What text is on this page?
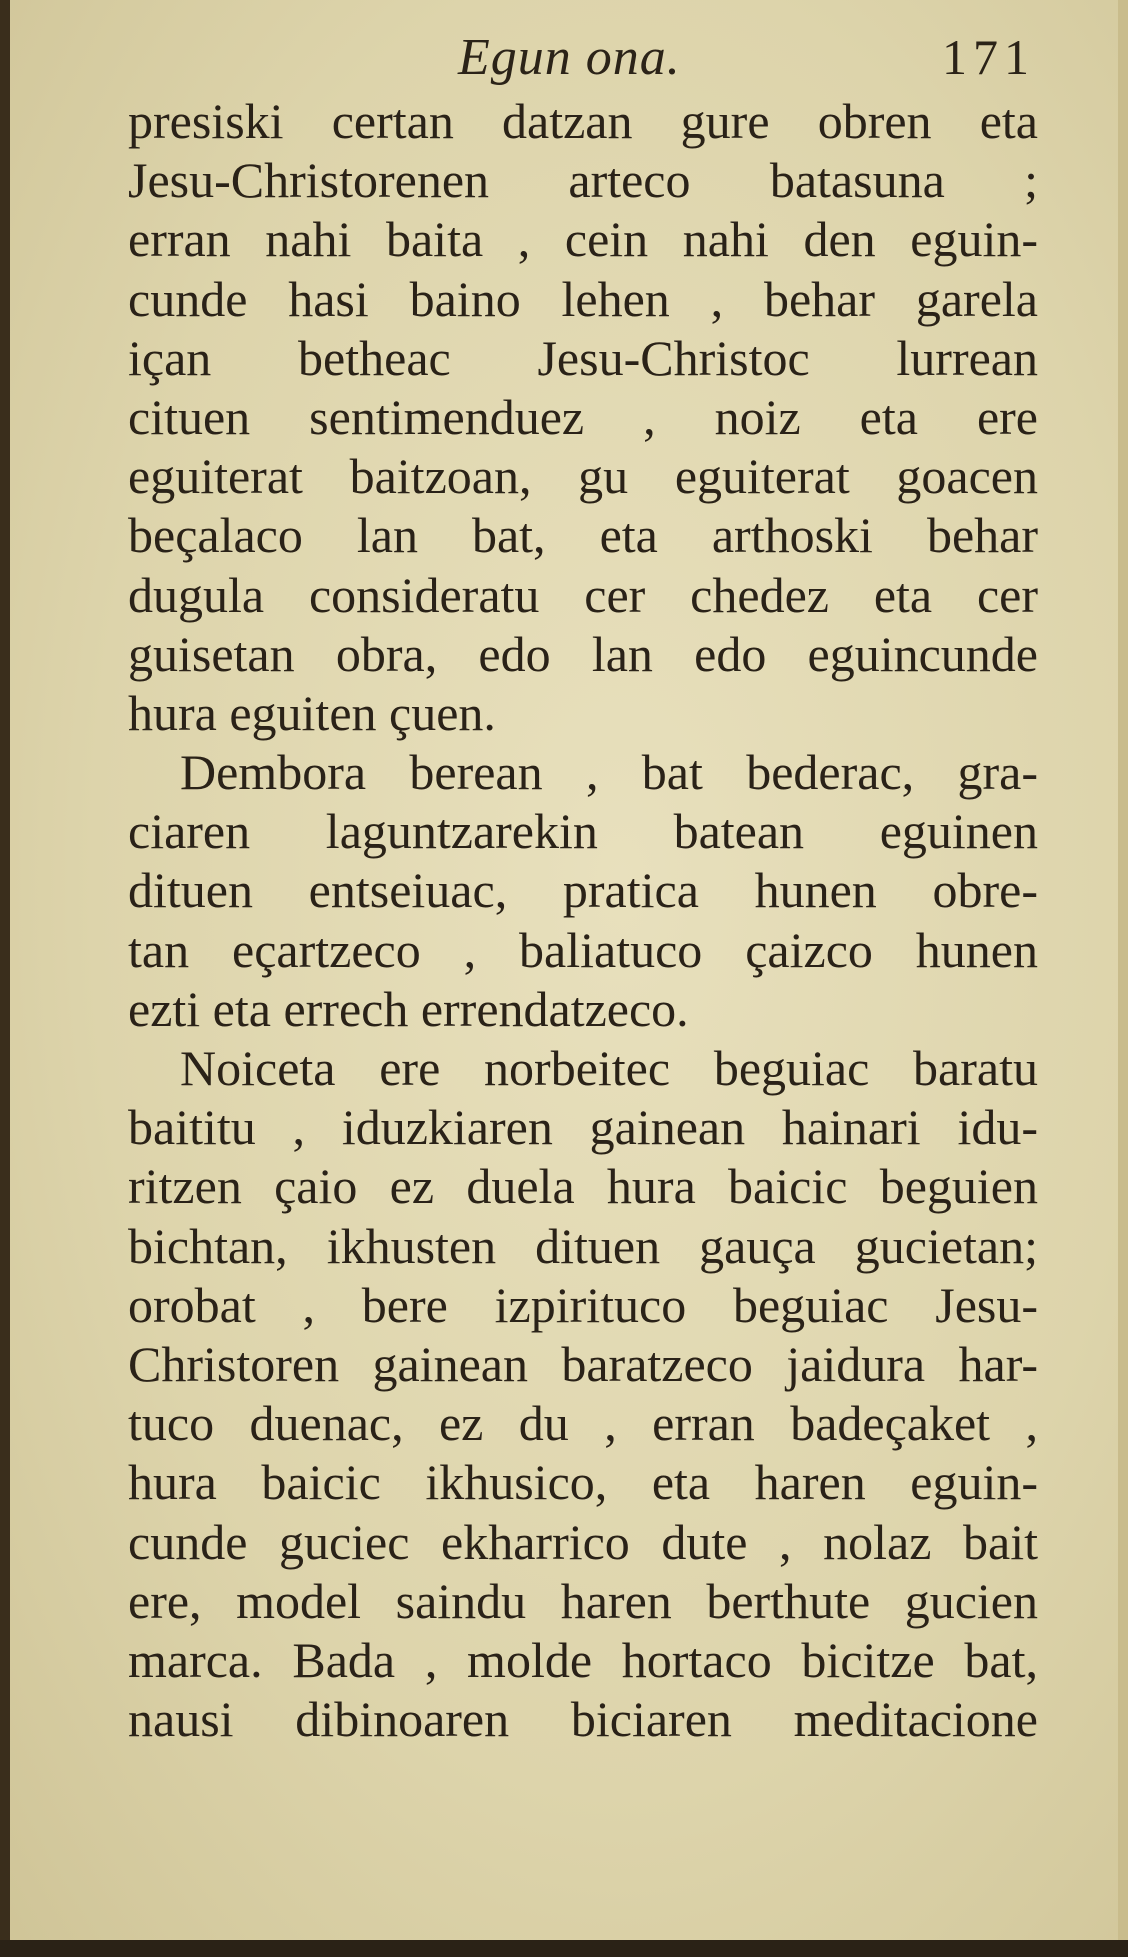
Egun ona.	171
presiski certan datzan gure obren eta
Jesu-Christorenen arteco batasuna ;
erran nahi baita , cein nahi den eguin-
cunde hasi baino lehen , behar garela
içan betheac Jesu-Christoc lurrean
cituen sentimenduez , noiz eta ere
eguiterat baitzoan, gu eguiterat goacen
beçalaco lan bat, eta arthoski behar
dugula consideratu cer chedez eta cer
guisetan obra, edo lan edo eguincunde
hura eguiten çuen.
Dembora berean , bat bederac, gra-
ciaren laguntzarekin batean eguinen
dituen entseiuac, pratica hunen obre-
tan eçartzeco , baliatuco çaizco hunen
ezti eta errech errendatzeco.
Noiceta ere norbeitec beguiac baratu
baititu , iduzkiaren gainean hainari idu-
ritzen çaio ez duela hura baicic beguien
bichtan, ikhusten dituen gauça gucietan;
orobat , bere izpirituco beguiac Jesu-
Christoren gainean baratzeco jaidura har-
tuco duenac, ez du , erran badeçaket ,
hura baicic ikhusico, eta haren eguin-
cunde guciec ekharrico dute , nolaz bait
ere, model saindu haren berthute gucien
marca. Bada , molde hortaco bicitze bat,
nausi dibinoaren biciaren meditacione
